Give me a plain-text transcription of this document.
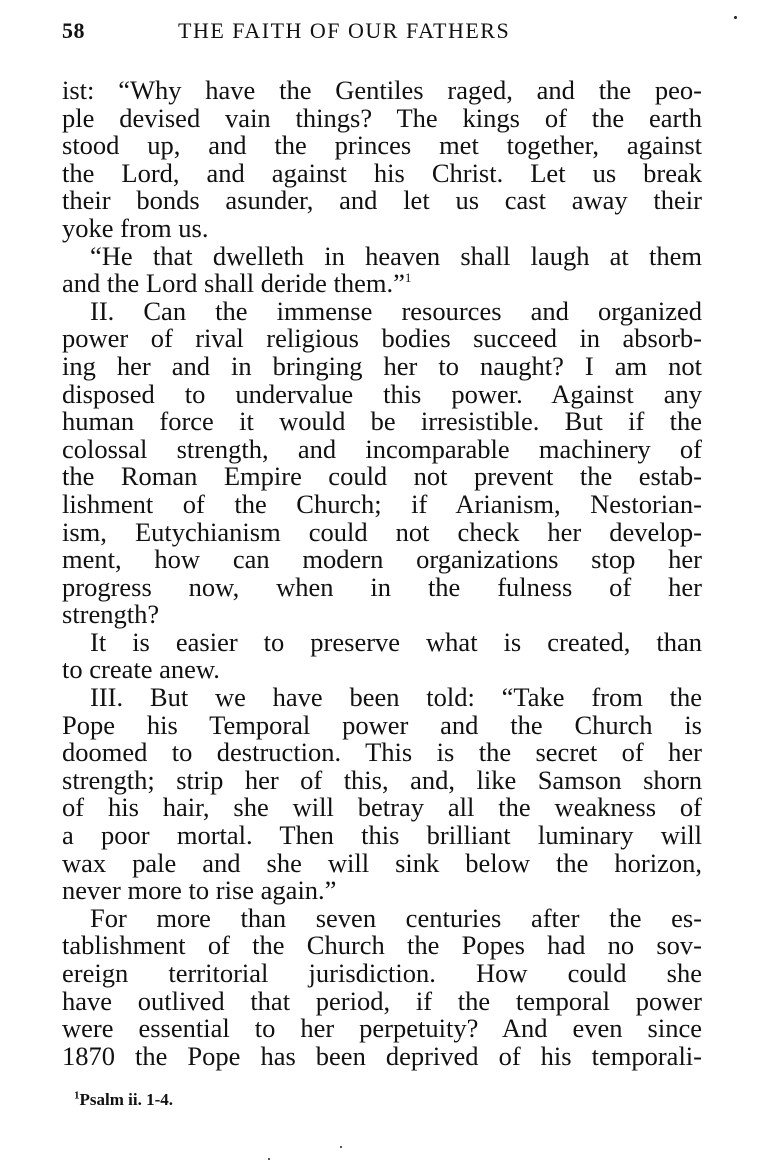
58	THE FAITH OF OUR FATHERS
ist: “Why have the Gentiles raged, and the peo-
ple devised vain things? The kings of the earth
stood up, and the princes met together, against
the Lord, and against his Christ. Let us break
their bonds asunder, and let us cast away their
yoke from us.
“He that dwelleth in heaven shall laugh at them
and the Lord shall deride them.”$^1$
II. Can the immense resources and organized
power of rival religious bodies succeed in absorb-
ing her and in bringing her to naught? I am not
disposed to undervalue this power. Against any
human force it would be irresistible. But if the
colossal strength, and incomparable machinery of
the Roman Empire could not prevent the estab-
lishment of the Church; if Arianism, Nestorian-
ism, Eutychianism could not check her develop-
ment, how can modern organizations stop her
progress now, when in the fulness of her
strength?
It is easier to preserve what is created, than
to create anew.
III. But we have been told: “Take from the
Pope his Temporal power and the Church is
doomed to destruction. This is the secret of her
strength; strip her of this, and, like Samson shorn
of his hair, she will betray all the weakness of
a poor mortal. Then this brilliant luminary will
wax pale and she will sink below the horizon,
never more to rise again.”
For more than seven centuries after the es-
tablishment of the Church the Popes had no sov-
ereign territorial jurisdiction. How could she
have outlived that period, if the temporal power
were essential to her perpetuity? And even since
1870 the Pope has been deprived of his temporali-
$^1$Psalm ii. 1-4.
